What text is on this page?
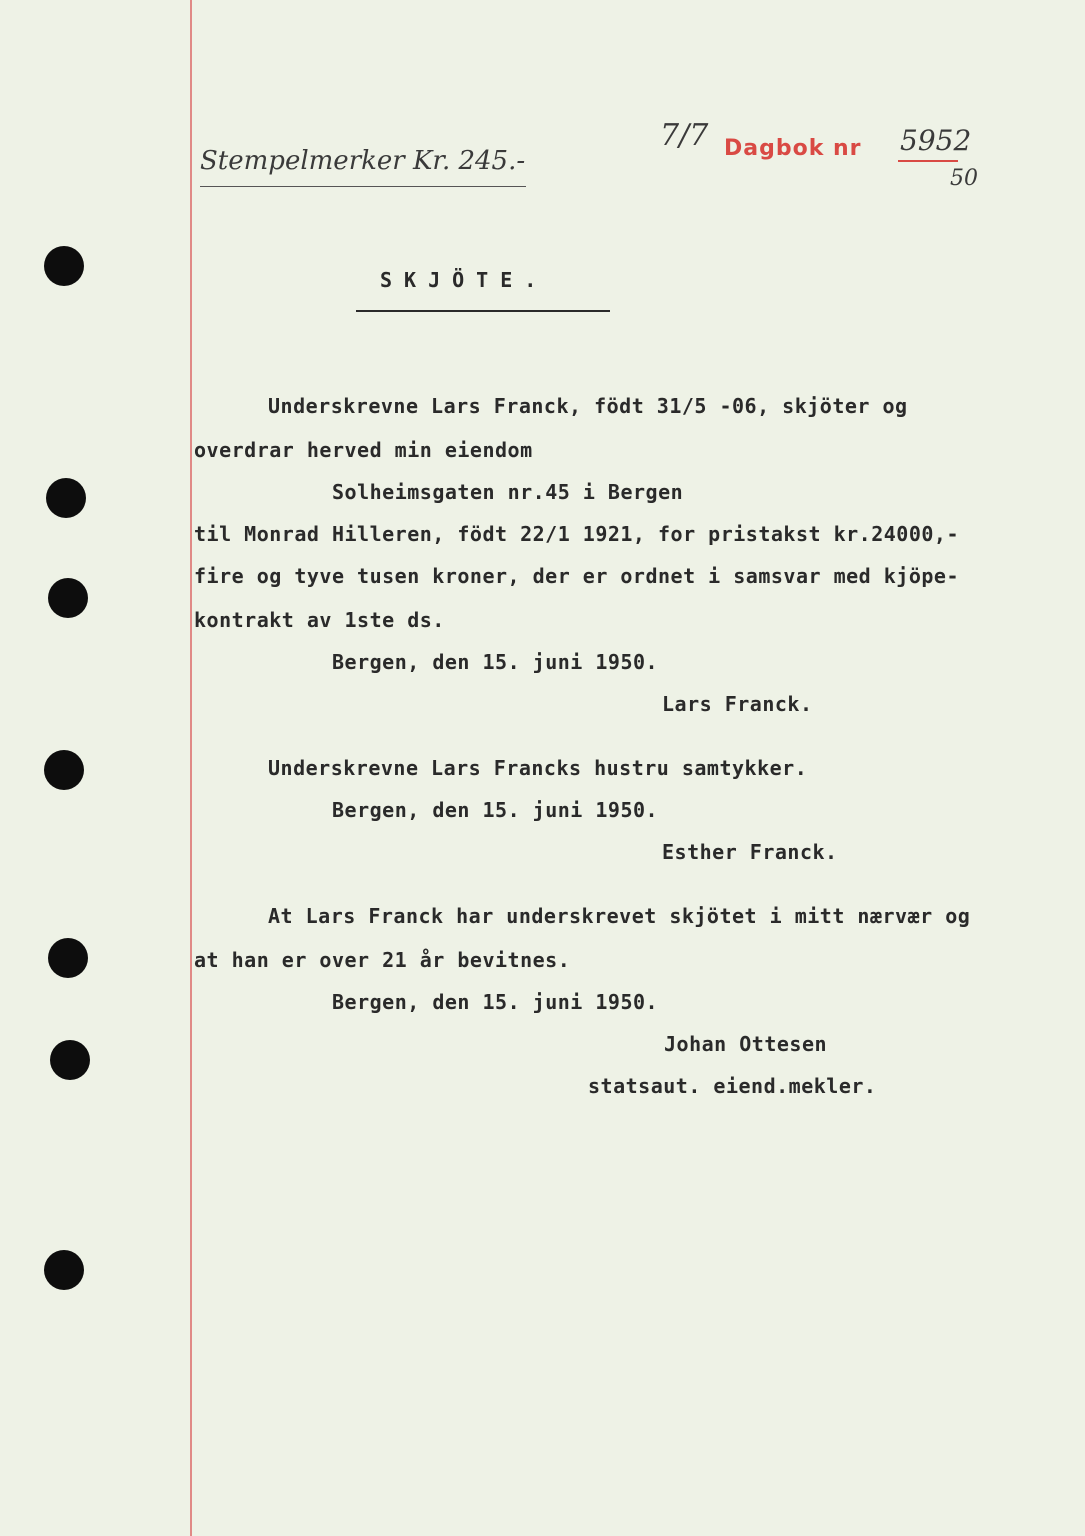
Stempelmerker Kr. 245.-
7/7 Dagbok nr 5952
50
SKJÖTE.
Underskrevne Lars Franck, födt 31/5 -06, skjöter og
overdrar herved min eiendom
Solheimsgaten nr.45 i Bergen
til Monrad Hilleren, födt 22/1 1921, for pristakst kr.24000,-
fire og tyve tusen kroner, der er ordnet i samsvar med kjöpe-
kontrakt av 1ste ds.
Bergen, den 15. juni 1950.
Lars Franck.
Underskrevne Lars Francks hustru samtykker.
Bergen, den 15. juni 1950.
Esther Franck.
At Lars Franck har underskrevet skjötet i mitt nærvær og
at han er over 21 år bevitnes.
Bergen, den 15. juni 1950.
Johan Ottesen
statsaut. eiend.mekler.
